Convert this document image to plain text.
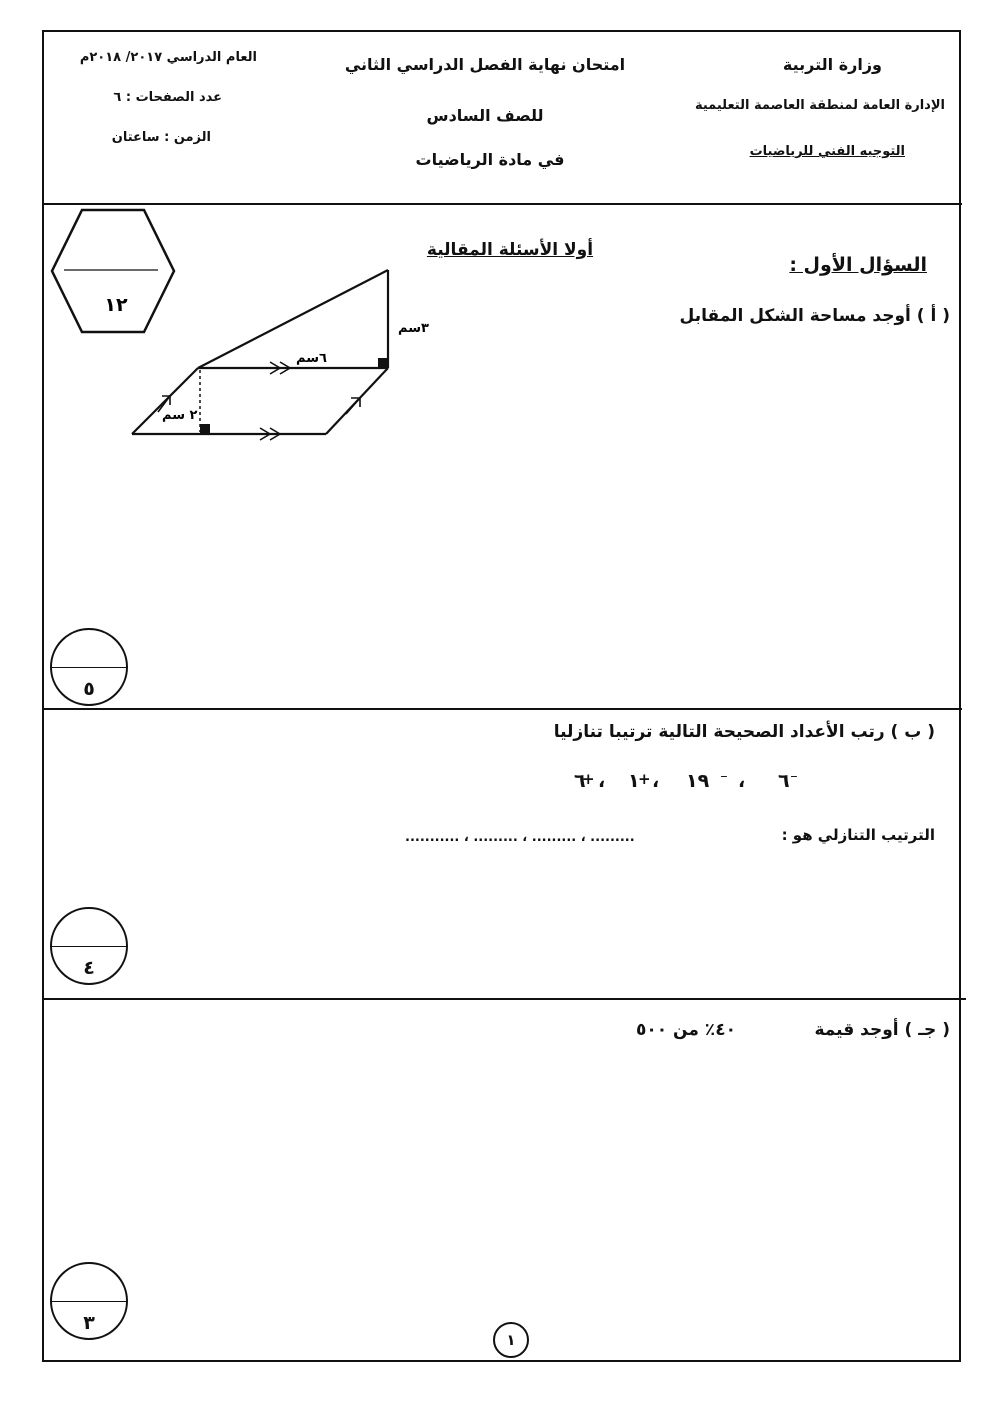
وزارة التربية
الإدارة العامة لمنطقة العاصمة التعليمية
التوجيه الفني للرياضيات
امتحان نهاية الفصل الدراسي الثاني
للصف السادس
في مادة الرياضيات
العام الدراسي ٢٠١٧/ ٢٠١٨م
عدد الصفحات : ٦
الزمن : ساعتان
أولا الأسئلة المقالية
السؤال الأول :
١٢	( أ ) أوجد مساحة الشكل المقابل
٣سم
٦سم
٢ سم
٥
( ب ) رتب الأعداد الصحيحة التالية ترتيبا تنازليا
+
٦ ، +
١ ،	⁻
١٩ ،	⁻
٦
الترتيب التنازلي هو :
......... ، ......... ، ......... ، ...........
٤
( جـ ) أوجد قيمة
٤٠٪ من ٥٠٠
٣
١
